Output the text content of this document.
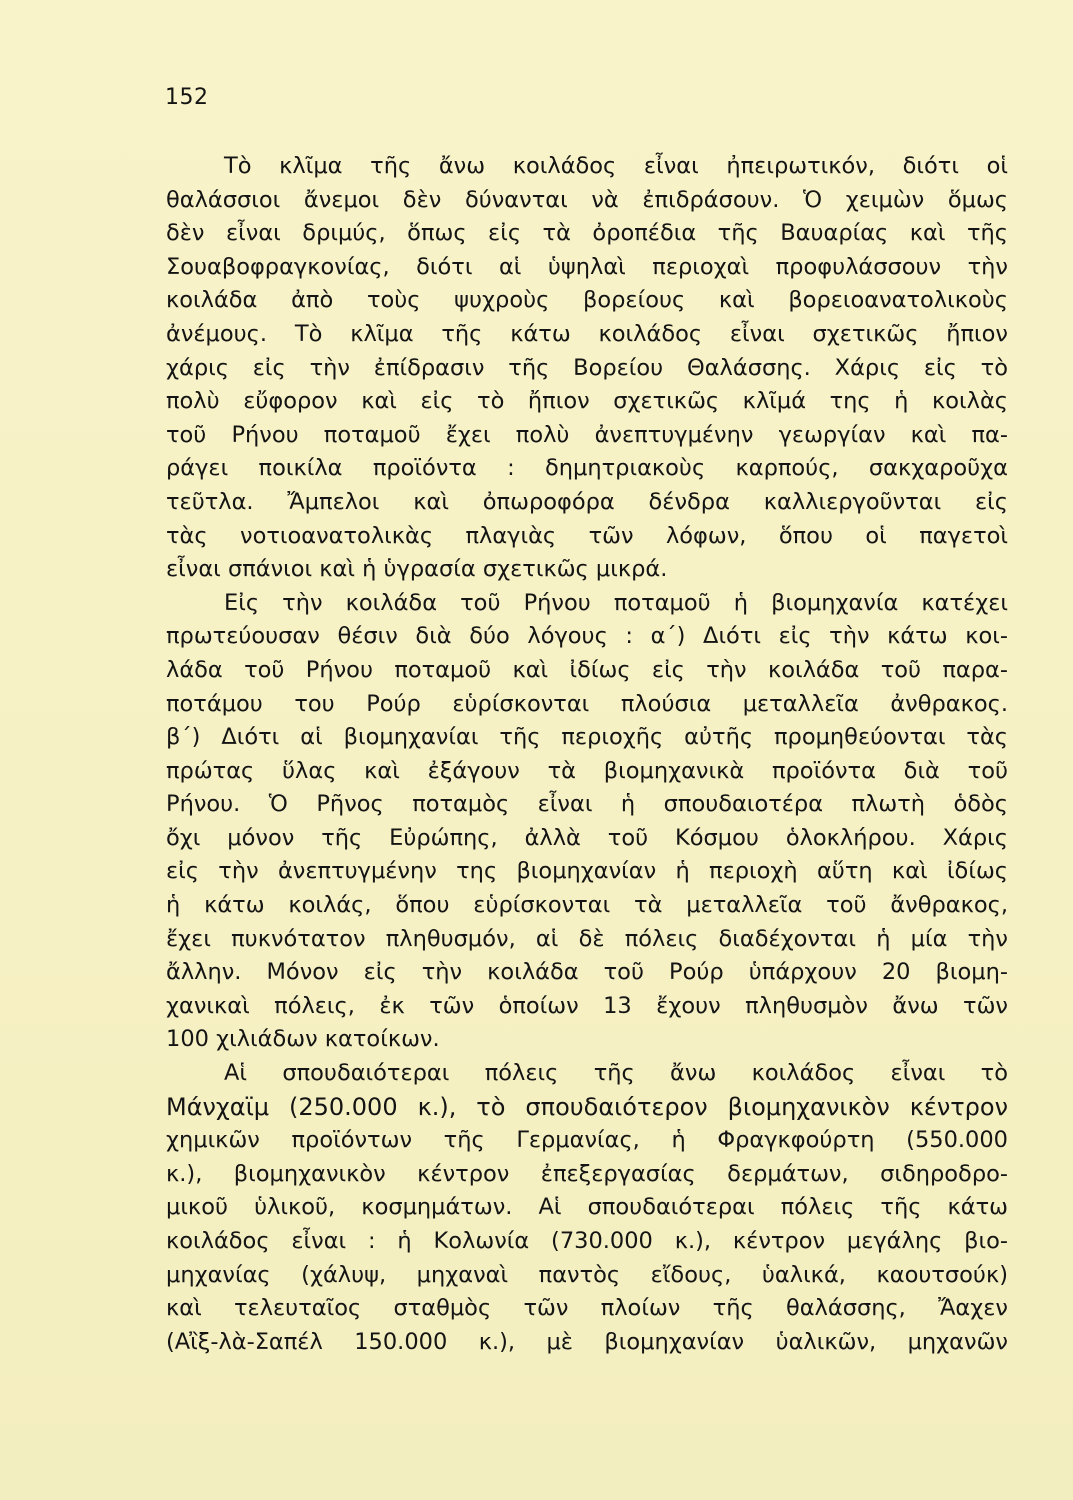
152
Τὸ κλῖμα τῆς ἄνω κοιλάδος εἶναι ἠπειρωτικόν, διότι οἱ
θαλάσσιοι ἄνεμοι δὲν δύνανται νὰ ἐπιδράσουν. Ὁ χειμὼν ὅμως
δὲν εἶναι δριμύς, ὅπως εἰς τὰ ὀροπέδια τῆς Βαυαρίας καὶ τῆς
Σουαβοφραγκονίας, διότι αἱ ὑψηλαὶ περιοχαὶ προφυλάσσουν τὴν
κοιλάδα ἀπὸ τοὺς ψυχροὺς βορείους καὶ βορειοανατολικοὺς
ἀνέμους. Τὸ κλῖμα τῆς κάτω κοιλάδος εἶναι σχετικῶς ἤπιον
χάρις εἰς τὴν ἐπίδρασιν τῆς Βορείου Θαλάσσης. Χάρις εἰς τὸ
πολὺ εὔφορον καὶ εἰς τὸ ἤπιον σχετικῶς κλῖμά της ἡ κοιλὰς
τοῦ Ρήνου ποταμοῦ ἔχει πολὺ ἀνεπτυγμένην γεωργίαν καὶ πα-
ράγει ποικίλα προϊόντα : δημητριακοὺς καρπούς, σακχαροῦχα
τεῦτλα. Ἄμπελοι καὶ ὀπωροφόρα δένδρα καλλιεργοῦνται εἰς
τὰς νοτιοανατολικὰς πλαγιὰς τῶν λόφων, ὅπου οἱ παγετοὶ
εἶναι σπάνιοι καὶ ἡ ὑγρασία σχετικῶς μικρά.
Εἰς τὴν κοιλάδα τοῦ Ρήνου ποταμοῦ ἡ βιομηχανία κατέχει
πρωτεύουσαν θέσιν διὰ δύο λόγους : α΄) Διότι εἰς τὴν κάτω κοι-
λάδα τοῦ Ρήνου ποταμοῦ καὶ ἰδίως εἰς τὴν κοιλάδα τοῦ παρα-
ποτάμου του Ρούρ εὑρίσκονται πλούσια μεταλλεῖα ἀνθρακος.
β΄) Διότι αἱ βιομηχανίαι τῆς περιοχῆς αὐτῆς προμηθεύονται τὰς
πρώτας ὕλας καὶ ἐξάγουν τὰ βιομηχανικὰ προϊόντα διὰ τοῦ
Ρήνου. Ὁ Ρῆνος ποταμὸς εἶναι ἡ σπουδαιοτέρα πλωτὴ ὁδὸς
ὄχι μόνον τῆς Εὐρώπης, ἀλλὰ τοῦ Κόσμου ὁλοκλήρου. Χάρις
εἰς τὴν ἀνεπτυγμένην της βιομηχανίαν ἡ περιοχὴ αὕτη καὶ ἰδίως
ἡ κάτω κοιλάς, ὅπου εὑρίσκονται τὰ μεταλλεῖα τοῦ ἄνθρακος,
ἔχει πυκνότατον πληθυσμόν, αἱ δὲ πόλεις διαδέχονται ἡ μία τὴν
ἄλλην. Μόνον εἰς τὴν κοιλάδα τοῦ Ρούρ ὑπάρχουν 20 βιομη-
χανικαὶ πόλεις, ἐκ τῶν ὁποίων 13 ἔχουν πληθυσμὸν ἄνω τῶν
100 χιλιάδων κατοίκων.
Αἱ σπουδαιότεραι πόλεις τῆς ἄνω κοιλάδος εἶναι τὸ
Μάνχαϊμ (250.000 κ.), τὸ σπουδαιότερον βιομηχανικὸν κέντρον
χημικῶν προϊόντων τῆς Γερμανίας, ἡ Φραγκφούρτη (550.000
κ.), βιομηχανικὸν κέντρον ἐπεξεργασίας δερμάτων, σιδηροδρο-
μικοῦ ὑλικοῦ, κοσμημάτων. Αἱ σπουδαιότεραι πόλεις τῆς κάτω
κοιλάδος εἶναι : ἡ Κολωνία (730.000 κ.), κέντρον μεγάλης βιο-
μηχανίας (χάλυψ, μηχαναὶ παντὸς εἴδους, ὑαλικά, καουτσούκ)
καὶ τελευταῖος σταθμὸς τῶν πλοίων τῆς θαλάσσης, Ἄαχεν
(Αἲξ-λὰ-Σαπέλ 150.000 κ.), μὲ βιομηχανίαν ὑαλικῶν, μηχανῶν
